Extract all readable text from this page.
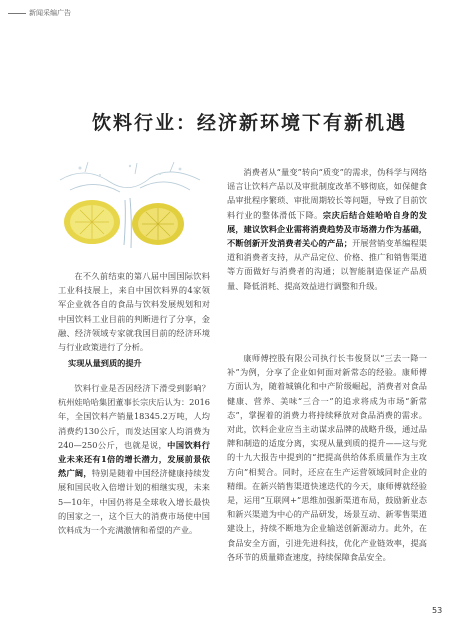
新闻采编广告
饮料行业：经济新环境下有新机遇

在不久前结束的第八届中国国际饮料工业科技展上，来自中国饮料界的4家领军企业就各自的食品与饮料发展规划和对中国饮料工业目前的判断进行了分享，金融、经济领域专家就我国目前的经济环境与行业政策进行了分析。

实现从量到质的提升

饮料行业是否因经济下滑受到影响？杭州娃哈哈集团董事长宗庆后认为：2016年，全国饮料产销量18345.2万吨，人均消费约130公斤，而发达国家人均消费为240—250公斤，也就是说，中国饮料行业未来还有1倍的增长潜力，发展前景依然广阔，特别是随着中国经济健康持续发展和国民收入倍增计划的相继实现，未来5—10年，中国仍将是全球收入增长最快的国家之一，这个巨大的消费市场使中国饮料成为一个充满激情和希望的产业。

消费者从“量变”转向“质变”的需求，伪科学与网络谣言让饮料产品以及审批制度改革不够彻底，如保健食品审批程序繁琐、审批周期较长等问题，导致了目前饮料行业的整体滑低下降。宗庆后结合娃哈哈自身的发展，建议饮料企业需将消费趋势及市场潜力作为基础，不断创新开发消费者关心的产品；开展营销变革编程渠道和消费者支持，从产品定位、价格、推广和销售渠道等方面做好与消费者的沟通；以智能制造保证产品质量、降低消耗、提高效益进行调整和升级。

康师傅控股有限公司执行长韦俊贤以“三去一降一补”为例，分享了企业如何面对新常态的经验。康师傅方面认为，随着城镇化和中产阶级崛起，消费者对食品健康、营养、美味“三合一”的追求将成为市场“新常态”，掌握着的消费力将持续释放对食品消费的需求。对此，饮料企业应当主动谋求品牌的战略升级，通过品牌和制造的适度分离，实现从量到质的提升——这与党的十九大报告中提到的“把提高供给体系质量作为主攻方向”相契合。同时，还应在生产运营领域同时企业的精细。在新兴销售渠道快速迭代的今天，康师傅就经验是，运用“互联网+”思维加强新渠道布局，鼓励新业态和新兴渠道为中心的产品研发，场景互动、新零售渠道建设上，持续不断地为企业输送创新源动力。此外，在食品安全方面，引进先进科技，优化产业链效率，提高各环节的质量筛查速度，持续保障食品安全。

53
